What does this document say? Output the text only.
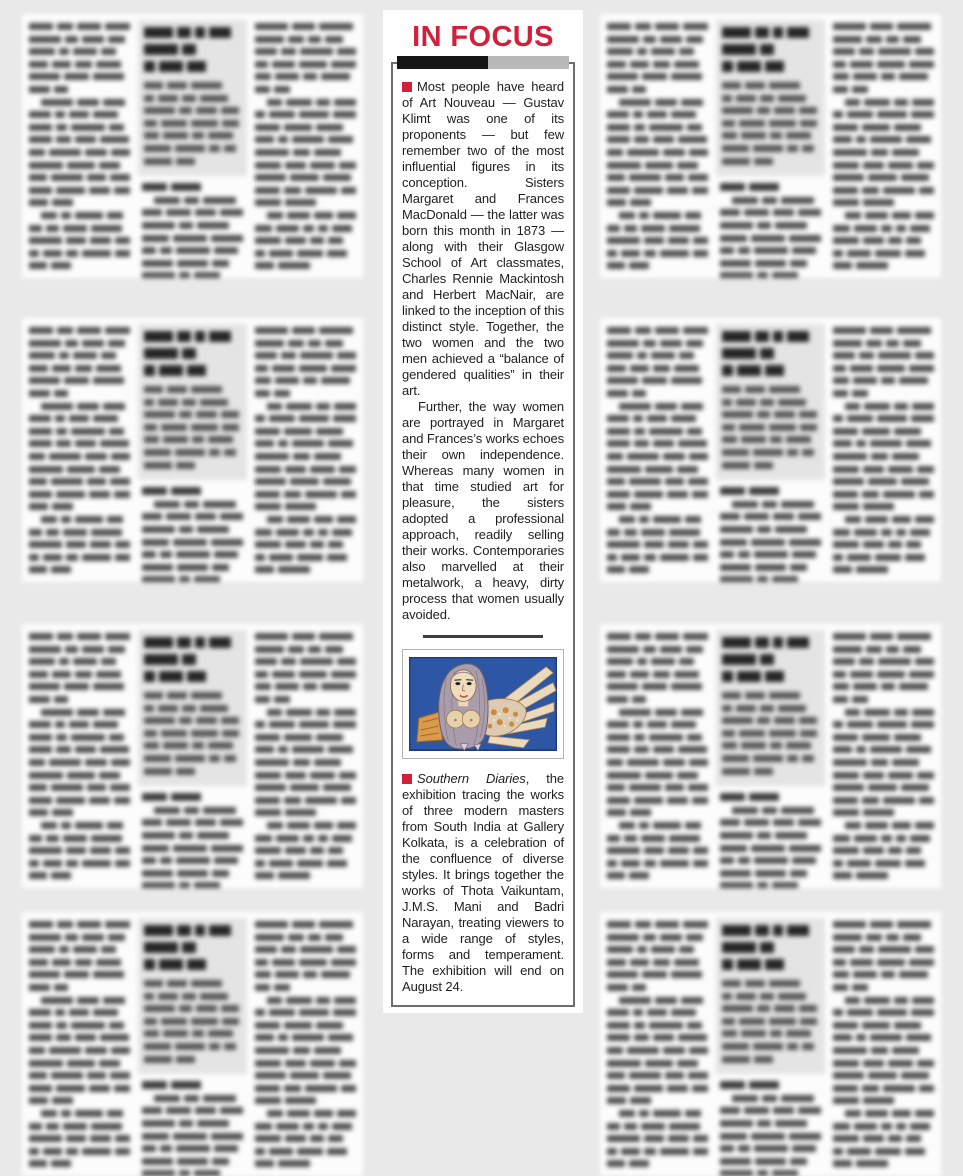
IN FOCUS

Most people have heard of Art Nouveau — Gustav Klimt was one of its proponents — but few remember two of the most influential figures in its conception. Sisters Margaret and Frances MacDonald — the latter was born this month in 1873 — along with their Glasgow School of Art classmates, Charles Rennie Mackintosh and Herbert MacNair, are linked to the inception of this distinct style. Together, the two women and the two men achieved a “balance of gendered qualities” in their art.

Further, the way women are portrayed in Margaret and Frances’s works echoes their own independence. Whereas many women in that time studied art for pleasure, the sisters adopted a professional approach, readily selling their works. Contemporaries also marvelled at their metalwork, a heavy, dirty process that women usually avoided.

Southern Diaries, the exhibition tracing the works of three modern masters from South India at Gallery Kolkata, is a celebration of the confluence of diverse styles. It brings together the works of Thota Vaikuntam, J.M.S. Mani and Badri Narayan, treating viewers to a wide range of styles, forms and temperament. The exhibition will end on August 24.
